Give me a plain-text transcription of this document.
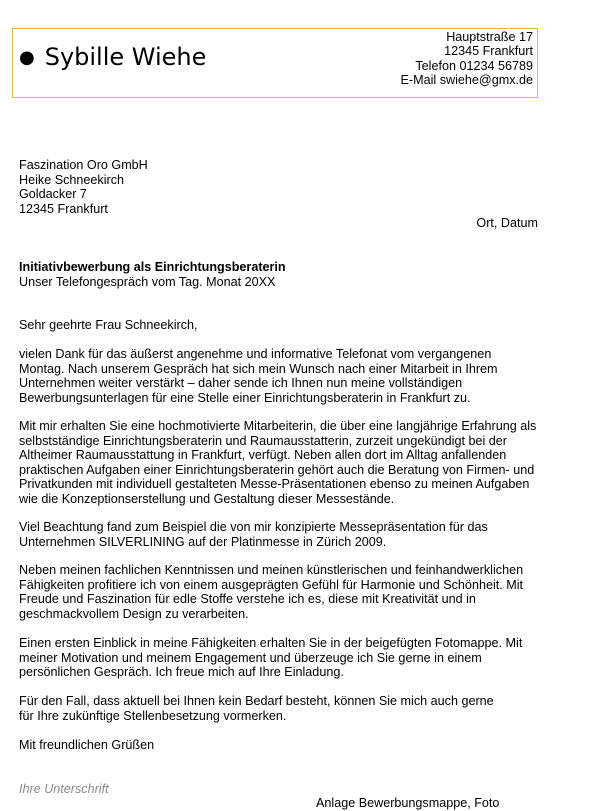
● Sybille Wiehe
Hauptstraße 17
12345 Frankfurt
Telefon 01234 56789
E-Mail swiehe@gmx.de
Faszination Oro GmbH
Heike Schneekirch
Goldacker 7
12345 Frankfurt
Ort, Datum
Initiativbewerbung als Einrichtungsberaterin
Unser Telefongespräch vom Tag. Monat 20XX
Sehr geehrte Frau Schneekirch,
vielen Dank für das äußerst angenehme und informative Telefonat vom vergangenen
Montag. Nach unserem Gespräch hat sich mein Wunsch nach einer Mitarbeit in Ihrem
Unternehmen weiter verstärkt – daher sende ich Ihnen nun meine vollständigen
Bewerbungsunterlagen für eine Stelle einer Einrichtungsberaterin in Frankfurt zu.
Mit mir erhalten Sie eine hochmotivierte Mitarbeiterin, die über eine langjährige Erfahrung als
selbstständige Einrichtungsberaterin und Raumausstatterin, zurzeit ungekündigt bei der
Altheimer Raumausstattung in Frankfurt, verfügt. Neben allen dort im Alltag anfallenden
praktischen Aufgaben einer Einrichtungsberaterin gehört auch die Beratung von Firmen- und
Privatkunden mit individuell gestalteten Messe-Präsentationen ebenso zu meinen Aufgaben
wie die Konzeptionserstellung und Gestaltung dieser Messestände.
Viel Beachtung fand zum Beispiel die von mir konzipierte Messepräsentation für das
Unternehmen SILVERLINING auf der Platinmesse in Zürich 2009.
Neben meinen fachlichen Kenntnissen und meinen künstlerischen und feinhandwerklichen
Fähigkeiten profitiere ich von einem ausgeprägten Gefühl für Harmonie und Schönheit. Mit
Freude und Faszination für edle Stoffe verstehe ich es, diese mit Kreativität und in
geschmackvollem Design zu verarbeiten.
Einen ersten Einblick in meine Fähigkeiten erhalten Sie in der beigefügten Fotomappe. Mit
meiner Motivation und meinem Engagement und überzeuge ich Sie gerne in einem
persönlichen Gespräch. Ich freue mich auf Ihre Einladung.
Für den Fall, dass aktuell bei Ihnen kein Bedarf besteht, können Sie mich auch gerne
für Ihre zukünftige Stellenbesetzung vormerken.
Mit freundlichen Grüßen
Ihre Unterschrift
Anlage Bewerbungsmappe, Foto
